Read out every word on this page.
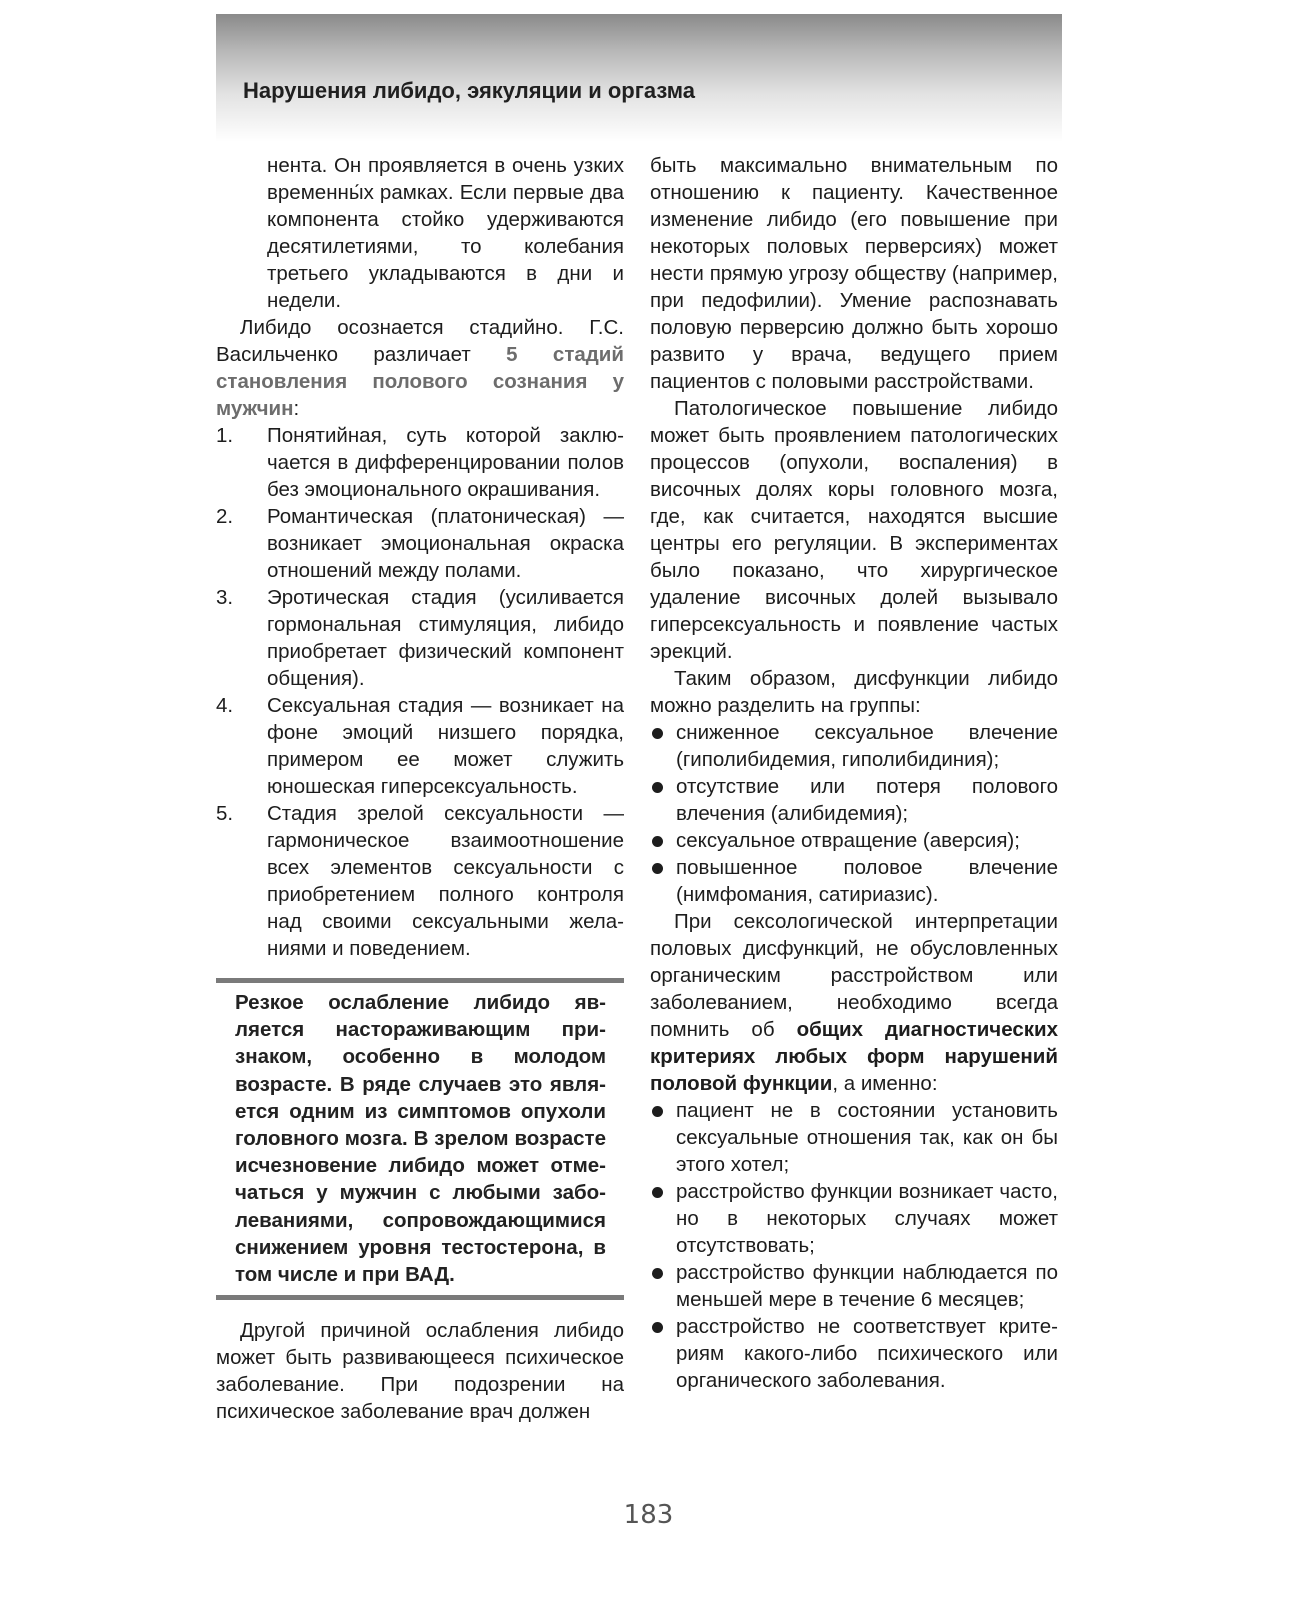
Нарушения либидо, эякуляции и оргазма

нента. Он проявляется в очень узких временны́х рамках. Если первые два компонента стойко удерживаются десятилетиями, то колебания третьего укладываются в дни и недели.

Либидо осознается стадийно. Г.С. Васильченко различает 5 стадий становления полового сознания у мужчин:

1. Понятийная, суть которой заключается в дифференцировании полов без эмоционального окрашивания.
2. Романтическая (платоническая) — возникает эмоциональная окраска отношений между полами.
3. Эротическая стадия (усиливается гормональная стимуляция, либидо приобретает физический компонент общения).
4. Сексуальная стадия — возникает на фоне эмоций низшего порядка, примером ее может служить юношеская гиперсексуальность.
5. Стадия зрелой сексуальности — гармоническое взаимоотношение всех элементов сексуальности с приобретением полного контроля над своими сексуальными желаниями и поведением.

Резкое ослабление либидо является настораживающим признаком, особенно в молодом возрасте. В ряде случаев это является одним из симптомов опухоли головного мозга. В зрелом возрасте исчезновение либидо может отмечаться у мужчин с любыми заболеваниями, сопровождающимися снижением уровня тестостерона, в том числе и при ВАД.

Другой причиной ослабления либидо может быть развивающееся психическое заболевание. При подозрении на психическое заболевание врач должен

быть максимально внимательным по отношению к пациенту. Качественное изменение либидо (его повышение при некоторых половых перверсиях) может нести прямую угрозу обществу (например, при педофилии). Умение распознавать половую перверсию должно быть хорошо развито у врача, ведущего прием пациентов с половыми расстройствами.

Патологическое повышение либидо может быть проявлением патологических процессов (опухоли, воспаления) в височных долях коры головного мозга, где, как считается, находятся высшие центры его регуляции. В экспериментах было показано, что хирургическое удаление височных долей вызывало гиперсексуальность и появление частых эрекций.

Таким образом, дисфункции либидо можно разделить на группы:

сниженное сексуальное влечение (гиполибидемия, гиполибидиния);
отсутствие или потеря полового влечения (алибидемия);
сексуальное отвращение (аверсия);
повышенное половое влечение (нимфомания, сатириазис).

При сексологической интерпретации половых дисфункций, не обусловленных органическим расстройством или заболеванием, необходимо всегда помнить об общих диагностических критериях любых форм нарушений половой функции, а именно:

пациент не в состоянии установить сексуальные отношения так, как он бы этого хотел;
расстройство функции возникает часто, но в некоторых случаях может отсутствовать;
расстройство функции наблюдается по меньшей мере в течение 6 месяцев;
расстройство не соответствует критериям какого-либо психического или органического заболевания.
183
